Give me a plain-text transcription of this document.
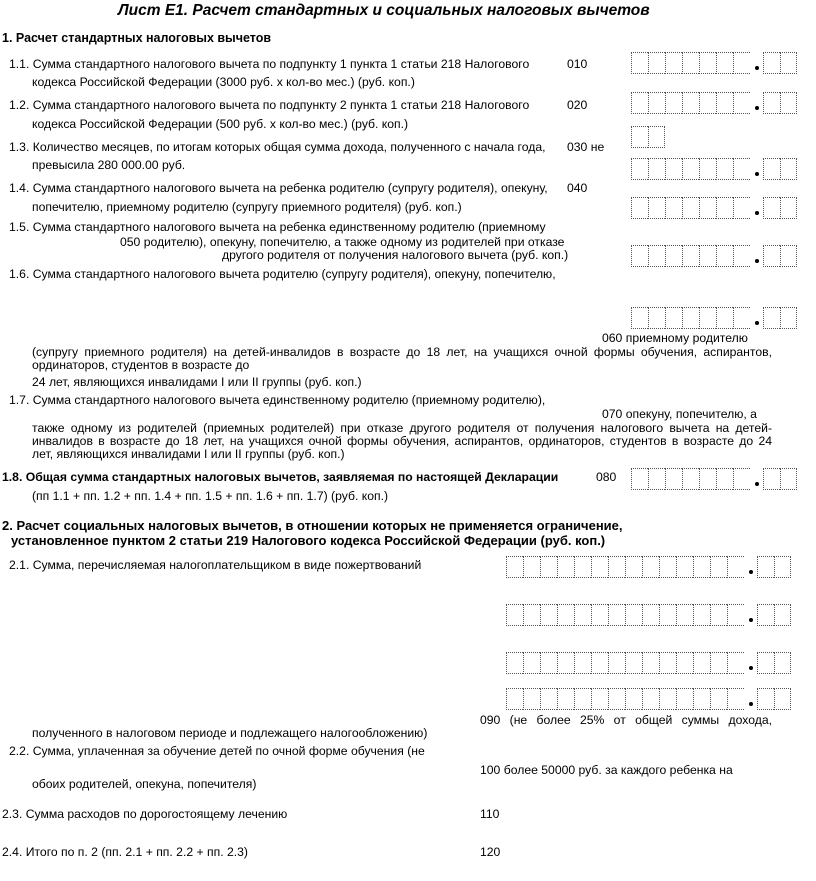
Лист Е1. Расчет стандартных и социальных налоговых вычетов
1. Расчет стандартных налоговых вычетов
1.1. Сумма стандартного налогового вычета по подпункту 1 пункта 1 статьи 218 Налогового	010
кодекса Российской Федерации (3000 руб. х кол-во мес.) (руб. коп.)
1.2. Сумма стандартного налогового вычета по подпункту 2 пункта 1 статьи 218 Налогового	020
кодекса Российской Федерации (500 руб. х кол-во мес.) (руб. коп.)
1.3. Количество месяцев, по итогам которых общая сумма дохода, полученного с начала года, 030 не
превысила 280 000.00 руб.
1.4. Сумма стандартного налогового вычета на ребенка родителю (супругу родителя), опекуну, 040
попечителю, приемному родителю (супругу приемного родителя) (руб. коп.)
1.5. Сумма стандартного налогового вычета на ребенка единственному родителю (приемному
050 родителю), опекуну, попечителю, а также одному из родителей при отказе
другого родителя от получения налогового вычета (руб. коп.)
1.6. Сумма стандартного налогового вычета родителю (супругу родителя), опекуну, попечителю,
060 приемному родителю
(супругу приемного родителя) на детей-инвалидов в возрасте до 18 лет, на учащихся очной формы обучения, аспирантов,
ординаторов, студентов в возрасте до
24 лет, являющихся инвалидами I или II группы (руб. коп.)
1.7. Сумма стандартного налогового вычета единственному родителю (приемному родителю),
070 опекуну, попечителю, а
также одному из родителей (приемных родителей) при отказе другого родителя от получения налогового вычета на детей-
инвалидов в возрасте до 18 лет, на учащихся очной формы обучения, аспирантов, ординаторов, студентов в возрасте до 24
лет, являющихся инвалидами I или II группы (руб. коп.)
1.8. Общая сумма стандартных налоговых вычетов, заявляемая по настоящей Декларации	080
(пп 1.1 + пп. 1.2 + пп. 1.4 + пп. 1.5 + пп. 1.6 + пп. 1.7) (руб. коп.)
2. Расчет социальных налоговых вычетов, в отношении которых не применяется ограничение,
установленное пунктом 2 статьи 219 Налогового кодекса Российской Федерации (руб. коп.)
2.1. Сумма, перечисляемая налогоплательщиком в виде пожертвований
090 (не более 25% от общей суммы дохода,
полученного в налоговом периоде и подлежащего налогообложению)
2.2. Сумма, уплаченная за обучение детей по очной форме обучения (не
100 более 50000 руб. за каждого ребенка на
обоих родителей, опекуна, попечителя)
2.3. Сумма расходов по дорогостоящему лечению	110
2.4. Итого по п. 2 (пп. 2.1 + пп. 2.2 + пп. 2.3)	120
